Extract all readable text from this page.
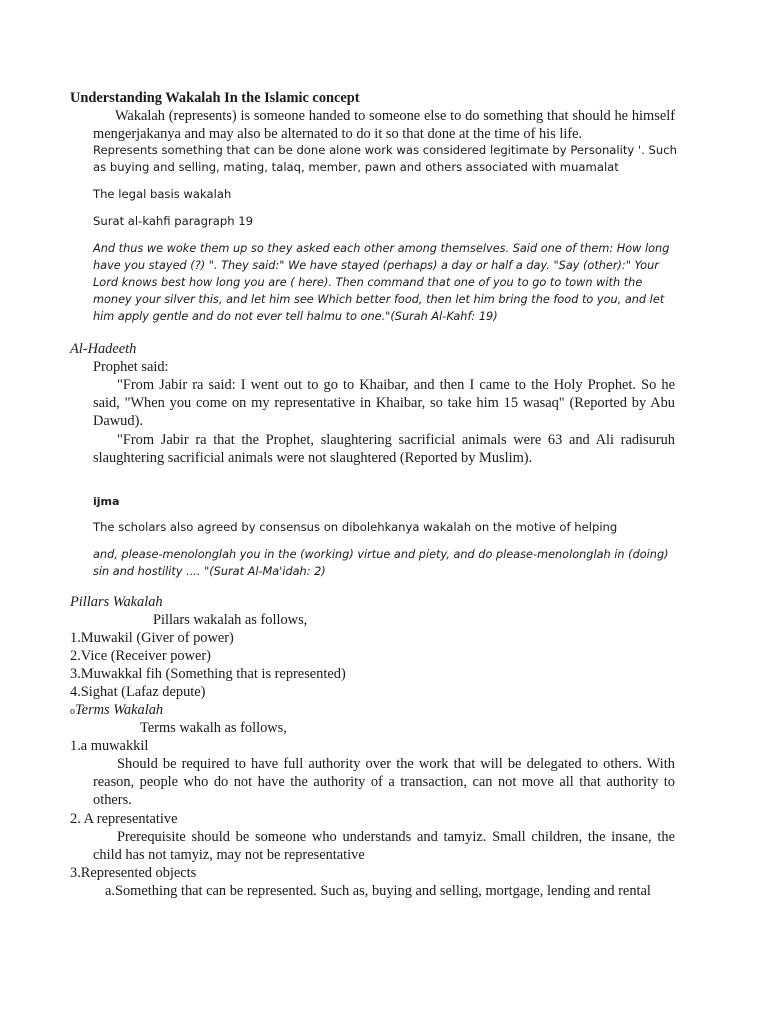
Understanding Wakalah In the Islamic concept
Wakalah (represents) is someone handed to someone else to do something that should he himself mengerjakanya and may also be alternated to do it so that done at the time of his life.
Represents something that can be done alone work was considered legitimate by Personality '. Such as buying and selling, mating, talaq, member, pawn and others associated with muamalat
The legal basis wakalah
Surat al-kahfi paragraph 19
And thus we woke them up so they asked each other among themselves. Said one of them: How long have you stayed (?) ". They said:" We have stayed (perhaps) a day or half a day. "Say (other):" Your Lord knows best how long you are ( here). Then command that one of you to go to town with the money your silver this, and let him see Which better food, then let him bring the food to you, and let him apply gentle and do not ever tell halmu to one."(Surah Al-Kahf: 19)
Al-Hadeeth
Prophet said:
"From Jabir ra said: I went out to go to Khaibar, and then I came to the Holy Prophet. So he said, "When you come on my representative in Khaibar, so take him 15 wasaq" (Reported by Abu Dawud).
"From Jabir ra that the Prophet, slaughtering sacrificial animals were 63 and Ali radisuruh slaughtering sacrificial animals were not slaughtered (Reported by Muslim).
ijma
The scholars also agreed by consensus on dibolehkanya wakalah on the motive of helping
and, please-menolonglah you in the (working) virtue and piety, and do please-menolonglah in (doing) sin and hostility .... "(Surat Al-Ma'idah: 2)
Pillars Wakalah
Pillars wakalah as follows,
1.Muwakil (Giver of power)
2.Vice (Receiver power)
3.Muwakkal fih (Something that is represented)
4.Sighat (Lafaz depute)
oTerms Wakalah
Terms wakalh as follows,
1.a muwakkil
Should be required to have full authority over the work that will be delegated to others. With reason, people who do not have the authority of a transaction, can not move all that authority to others.
2. A representative
Prerequisite should be someone who understands and tamyiz. Small children, the insane, the child has not tamyiz, may not be representative
3.Represented objects
a.Something that can be represented. Such as, buying and selling, mortgage, lending and rental
